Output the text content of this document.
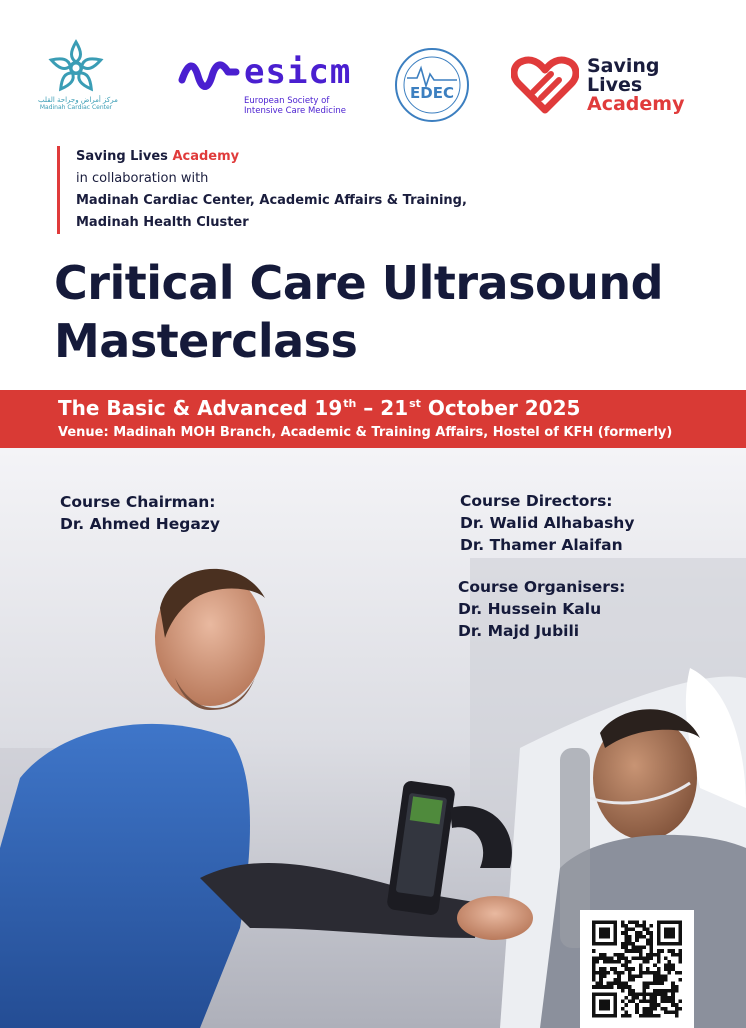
مركز أمراض وجراحة القلب
Madinah Cardiac Center
esicm
European Society of
Intensive Care Medicine
EDEC
Saving
Lives
Academy

Saving Lives Academy

in collaboration with

Madinah Cardiac Center, Academic Affairs & Training,

Madinah Health Cluster

Critical Care Ultrasound
Masterclass
The Basic & Advanced 19th – 21st October 2025
Venue: Madinah MOH Branch, Academic & Training Affairs, Hostel of KFH (formerly)
Course Chairman:
Dr. Ahmed Hegazy
Course Directors:
Dr. Walid Alhabashy
Dr. Thamer Alaifan
Course Organisers:
Dr. Hussein Kalu
Dr. Majd Jubili
